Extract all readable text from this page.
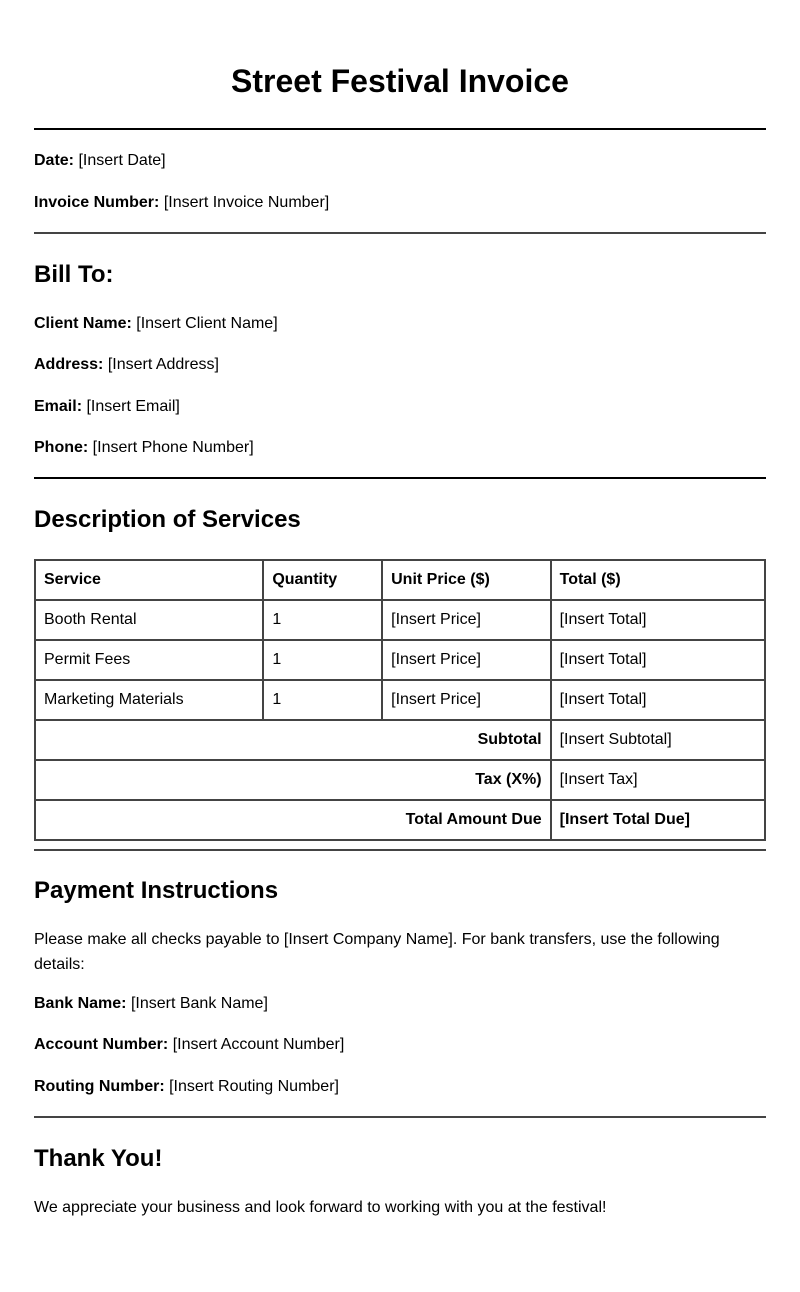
Street Festival Invoice

Date: [Insert Date]

Invoice Number: [Insert Invoice Number]

Bill To:

Client Name: [Insert Client Name]

Address: [Insert Address]

Email: [Insert Email]

Phone: [Insert Phone Number]

Description of Services
Service	Quantity	Unit Price ($)	Total ($)
Booth Rental	1	[Insert Price]	[Insert Total]
Permit Fees	1	[Insert Price]	[Insert Total]
Marketing Materials	1	[Insert Price]	[Insert Total]
Subtotal			[Insert Subtotal]
Tax (X%)			[Insert Tax]
Total Amount Due			[Insert Total Due]
Payment Instructions

Please make all checks payable to [Insert Company Name]. For bank transfers, use the following details:

Bank Name: [Insert Bank Name]

Account Number: [Insert Account Number]

Routing Number: [Insert Routing Number]

Thank You!

We appreciate your business and look forward to working with you at the festival!
